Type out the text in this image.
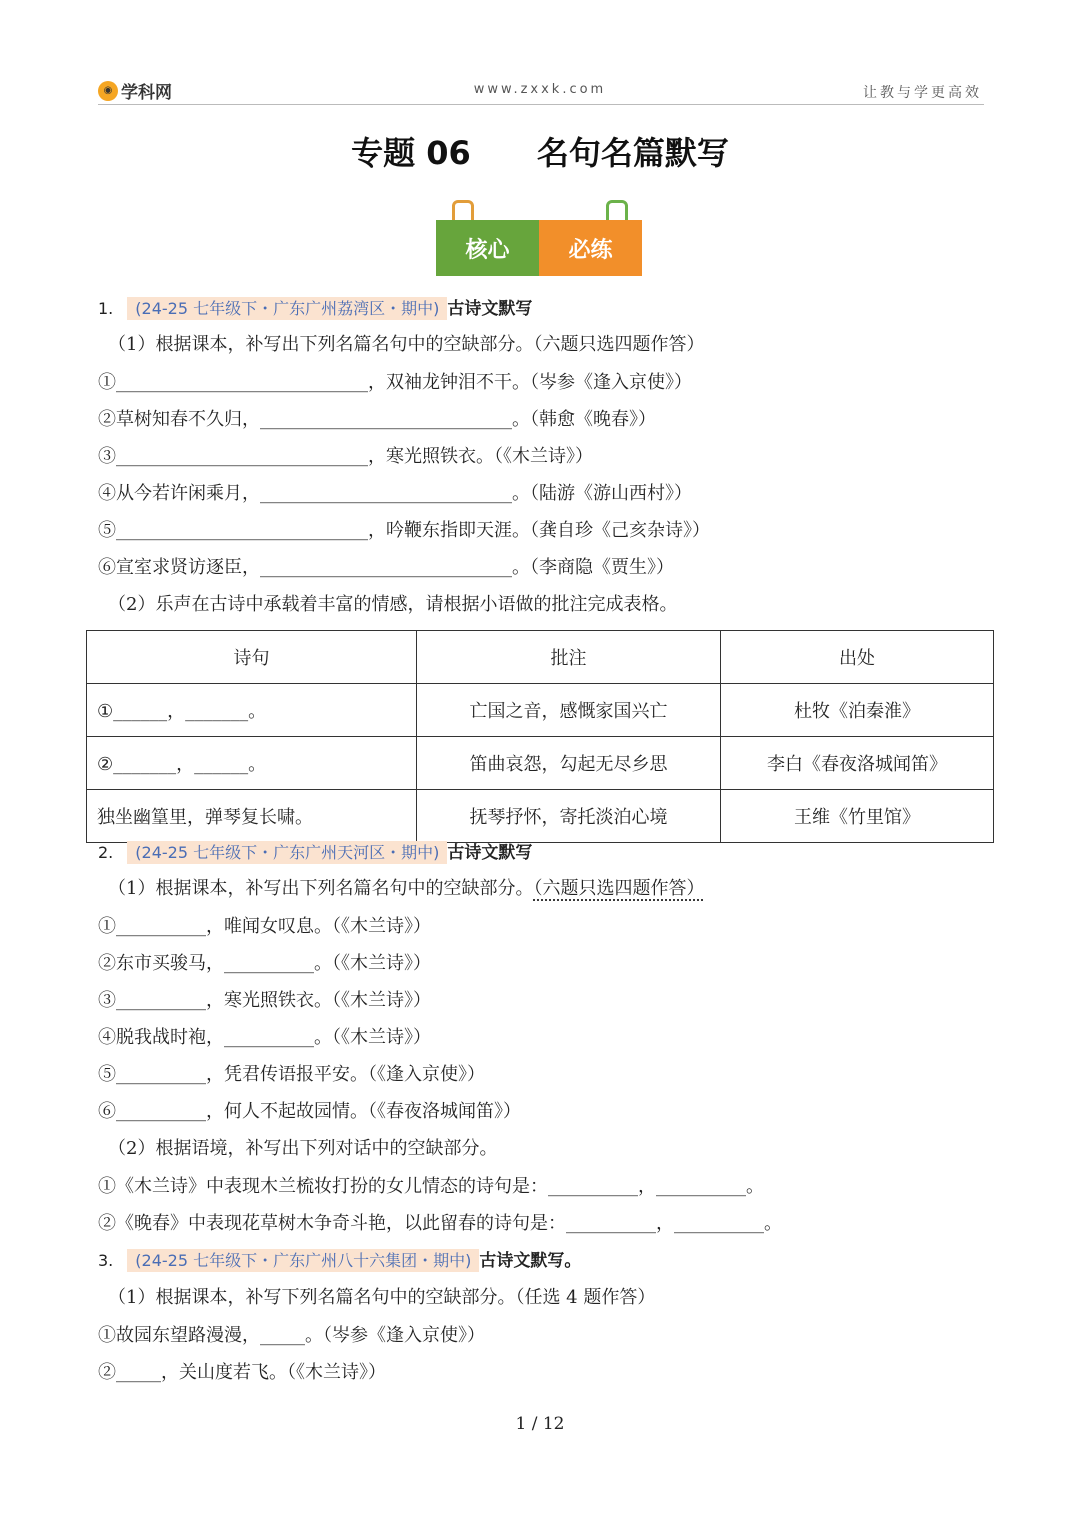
◉ 学科网	www.zxxk.com	让教与学更高效
专题 06 名句名篇默写
核心	必练
1. (24-25 七年级下・广东广州荔湾区・期中) 古诗文默写
（1）根据课本，补写出下列名篇名句中的空缺部分。（六题只选四题作答）
①____________________________，双袖龙钟泪不干。（岑参《逢入京使》）
②草树知春不久归，____________________________。（韩愈《晚春》）
③____________________________，寒光照铁衣。（《木兰诗》）
④从今若许闲乘月，____________________________。（陆游《游山西村》）
⑤____________________________，吟鞭东指即天涯。（龚自珍《己亥杂诗》）
⑥宣室求贤访逐臣，____________________________。（李商隐《贾生》）
（2）乐声在古诗中承载着丰富的情感，请根据小语做的批注完成表格。
诗句	批注	出处
①______，_______。	亡国之音，感慨家国兴亡	杜牧《泊秦淮》
②_______，______。	笛曲哀怨，勾起无尽乡思	李白《春夜洛城闻笛》
独坐幽篁里，弹琴复长啸。	抚琴抒怀，寄托淡泊心境	王维《竹里馆》
2. (24-25 七年级下・广东广州天河区・期中) 古诗文默写
（1）根据课本，补写出下列名篇名句中的空缺部分。（六题只选四题作答）
①__________，唯闻女叹息。（《木兰诗》）
②东市买骏马，__________。（《木兰诗》）
③__________，寒光照铁衣。（《木兰诗》）
④脱我战时袍，__________。（《木兰诗》）
⑤__________，凭君传语报平安。（《逢入京使》）
⑥__________，何人不起故园情。（《春夜洛城闻笛》）
（2）根据语境，补写出下列对话中的空缺部分。
①《木兰诗》中表现木兰梳妆打扮的女儿情态的诗句是：__________，__________。
②《晚春》中表现花草树木争奇斗艳，以此留春的诗句是：__________，__________。
3. (24-25 七年级下・广东广州八十六集团・期中) 古诗文默写。
（1）根据课本，补写下列名篇名句中的空缺部分。（任选 4 题作答）
①故园东望路漫漫，_____。（岑参《逢入京使》）
②_____，关山度若飞。（《木兰诗》）
1 / 12
